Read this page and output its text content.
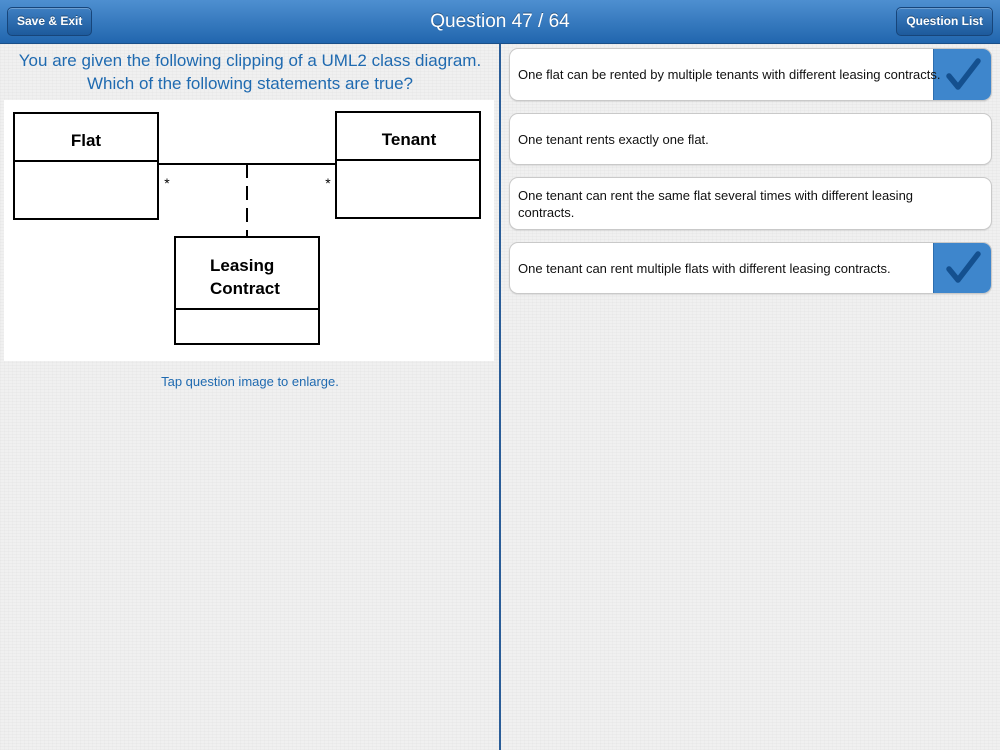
Question 47 / 64
Save & Exit	Question List
You are given the following clipping of a UML2 class diagram. Which of the following statements are true?
Flat	Tenant
Leasing
Contract
*	*
Tap question image to enlarge.
One flat can be rented by multiple tenants with different leasing contracts.
One tenant rents exactly one flat.
One tenant can rent the same flat several times with different leasing contracts.
One tenant can rent multiple flats with different leasing contracts.
